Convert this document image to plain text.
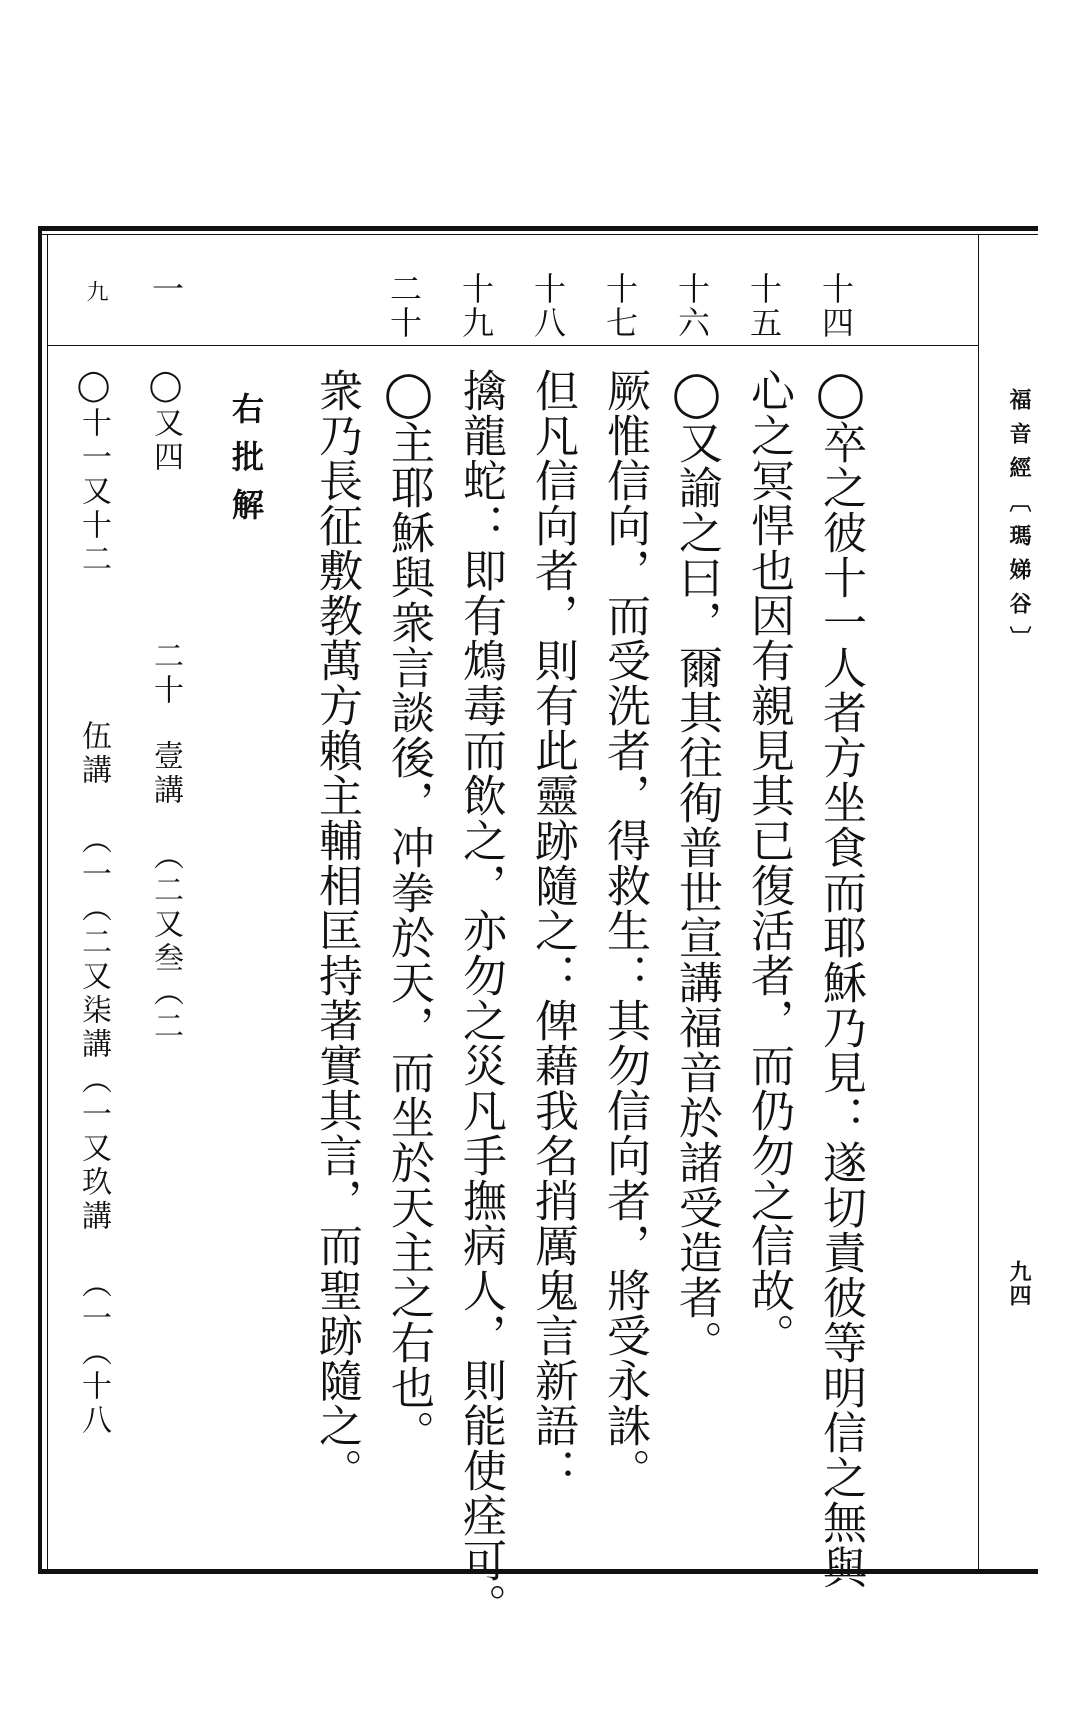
福音經〔瑪娣谷〕
九四
十四
十五
十六
十七
十八
十九
二十
◯卒之彼十一人者方坐食而耶穌乃見：遂切責彼等明信之無與
心之冥悍也因有親見其已復活者，而仍勿之信故。
◯又諭之曰，爾其往徇普世宣講福音於諸受造者。
厥惟信向，而受洗者，得救生：其勿信向者，將受永誅。
但凡信向者，則有此靈跡隨之：俾藉我名捎厲鬼言新語：
擒龍蛇：即有鴆毒而飲之，亦勿之災凡手撫病人，則能使痊可。
◯主耶穌與衆言談後，冲拳於天，而坐於天主之右也。
衆乃長征敷教萬方賴主輔相匡持著實其言，而聖跡隨之。
右批解
一
◯又四
二十
壹講
（二又叁（二
九
◯十一又十二
伍講
（一（二又柒講
（一又玖講
（一
（十八
